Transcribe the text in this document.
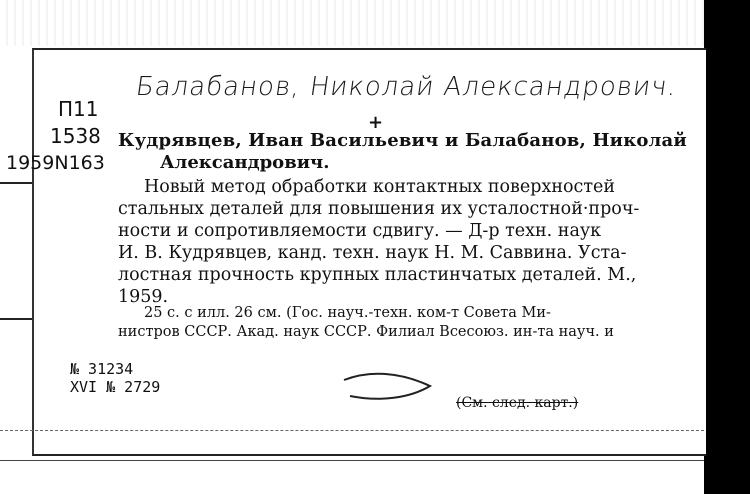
Балабанов, Николай Александрович.
+
П11
1538
1959N163
Кудрявцев, Иван Васильевич и Балабанов, Николай
Александрович.
Новый метод обработки контактных поверхностей
стальных деталей для повышения их усталостной·проч-
ности и сопротивляемости сдвигу. — Д-р техн. наук
И. В. Кудрявцев, канд. техн. наук Н. М. Саввина. Уста-
лостная прочность крупных пластинчатых деталей. М.,
1959.
25 с. с илл. 26 см. (Гос. науч.-техн. ком-т Совета Ми-
нистров СССР. Акад. наук СССР. Филиал Всесоюз. ин-та науч. и
№ 31234
XVI № 2729
(См. след. карт.)
